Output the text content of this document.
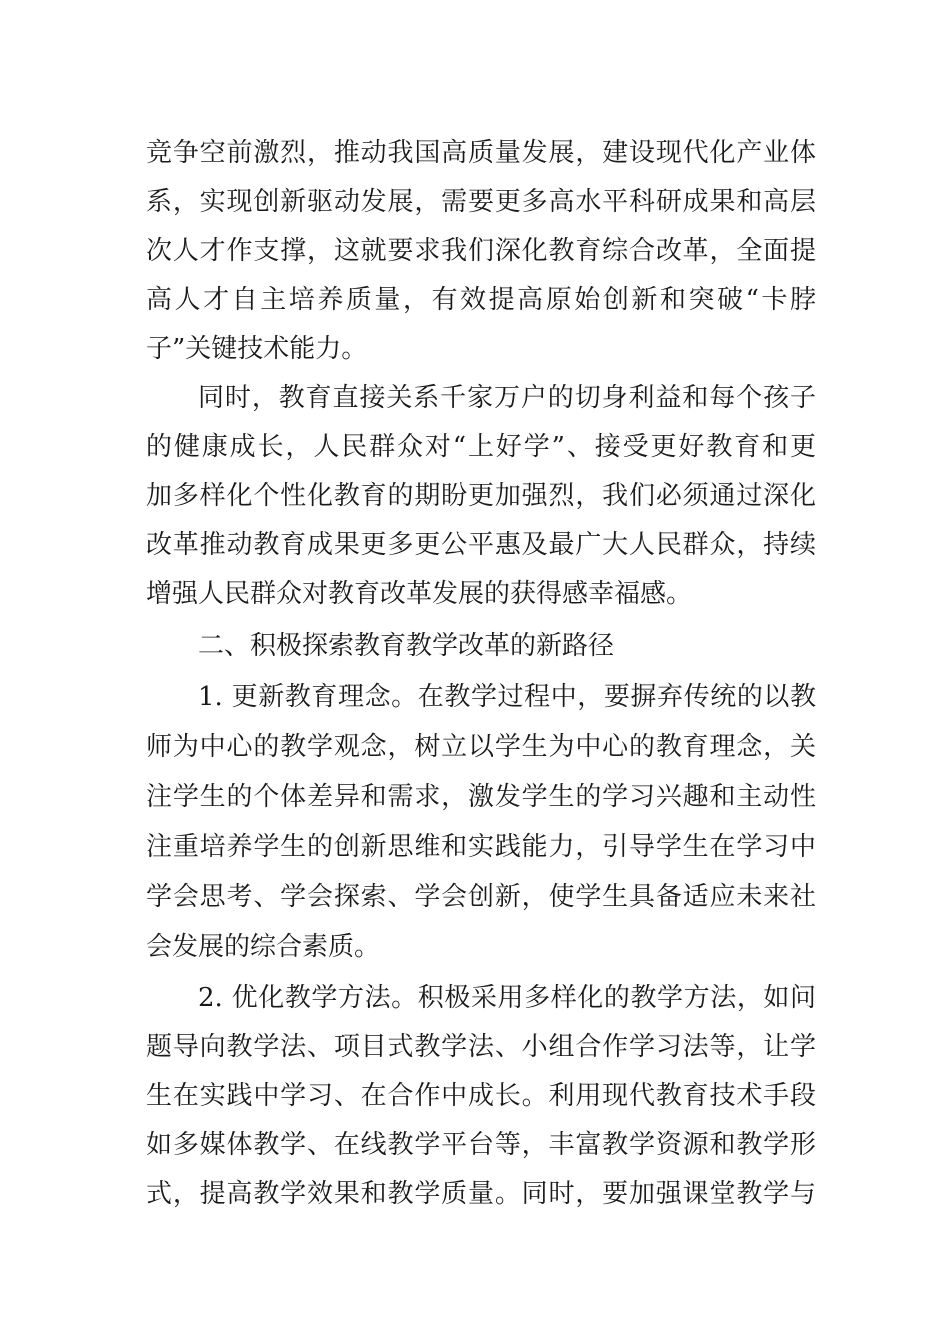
竞争空前激烈，推动我国高质量发展，建设现代化产业体

系，实现创新驱动发展，需要更多高水平科研成果和高层

次人才作支撑，这就要求我们深化教育综合改革，全面提

高人才自主培养质量，有效提高原始创新和突破“卡脖

子”关键技术能力。

同时，教育直接关系千家万户的切身利益和每个孩子

的健康成长，人民群众对“上好学”、接受更好教育和更

加多样化个性化教育的期盼更加强烈，我们必须通过深化

改革推动教育成果更多更公平惠及最广大人民群众，持续

增强人民群众对教育改革发展的获得感幸福感。

二、积极探索教育教学改革的新路径

1. 更新教育理念。在教学过程中，要摒弃传统的以教

师为中心的教学观念，树立以学生为中心的教育理念，关

注学生的个体差异和需求，激发学生的学习兴趣和主动性

注重培养学生的创新思维和实践能力，引导学生在学习中

学会思考、学会探索、学会创新，使学生具备适应未来社

会发展的综合素质。

2. 优化教学方法。积极采用多样化的教学方法，如问

题导向教学法、项目式教学法、小组合作学习法等，让学

生在实践中学习、在合作中成长。利用现代教育技术手段

如多媒体教学、在线教学平台等，丰富教学资源和教学形

式，提高教学效果和教学质量。同时，要加强课堂教学与
